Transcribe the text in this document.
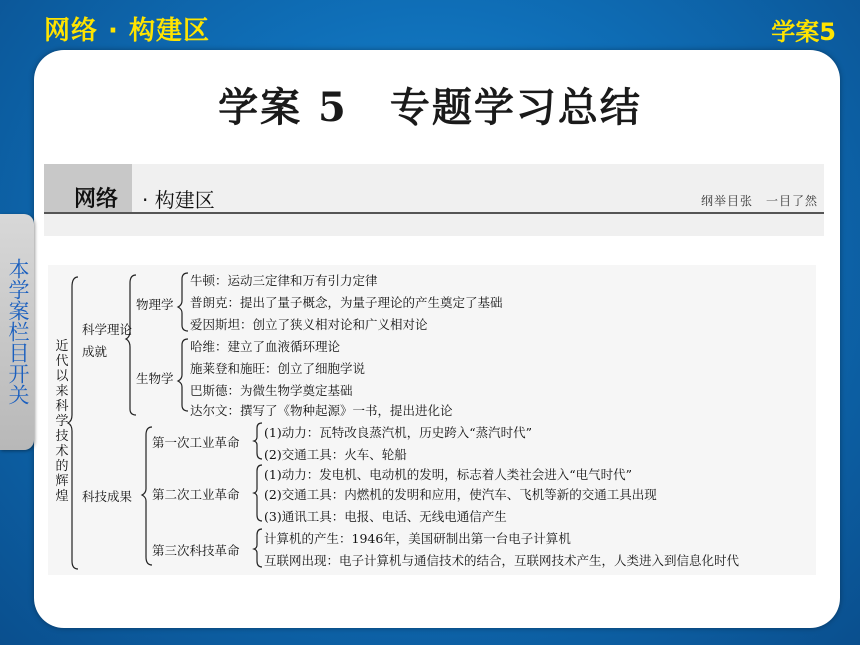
网络 · 构建区	学案5
学案 5　专题学习总结
网络 · 构建区	纲举目张　一目了然
本学案栏目开关 近代以来科学技术的辉煌
科学理论成就
物理学
牛顿：运动三定律和万有引力定律
普朗克：提出了量子概念，为量子理论的产生奠定了基础
爱因斯坦：创立了狭义相对论和广义相对论
生物学
哈维：建立了血液循环理论
施莱登和施旺：创立了细胞学说
巴斯德：为微生物学奠定基础
达尔文：撰写了《物种起源》一书，提出进化论
科技成果
第一次工业革命
(1)动力：瓦特改良蒸汽机，历史跨入“蒸汽时代”
(2)交通工具：火车、轮船
第二次工业革命
(1)动力：发电机、电动机的发明，标志着人类社会进入“电气时代”
(2)交通工具：内燃机的发明和应用，使汽车、飞机等新的交通工具出现
(3)通讯工具：电报、电话、无线电通信产生
第三次科技革命
计算机的产生：1946年，美国研制出第一台电子计算机
互联网出现：电子计算机与通信技术的结合，互联网技术产生，人类进入到信息化时代
